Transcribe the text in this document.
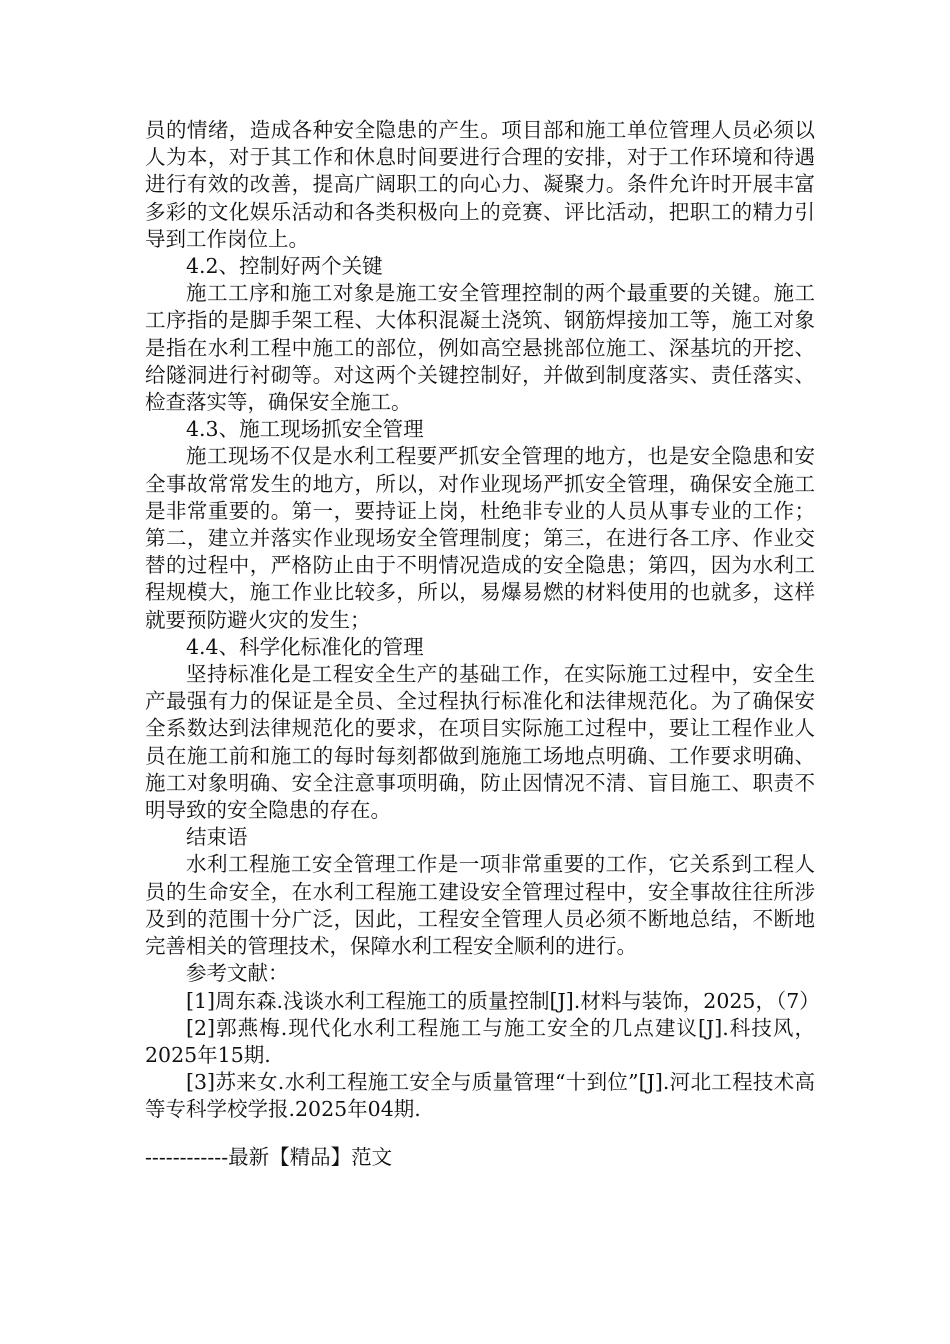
员的情绪，造成各种安全隐患的产生。项目部和施工单位管理人员必须以人为本，对于其工作和休息时间要进行合理的安排，对于工作环境和待遇进行有效的改善，提高广阔职工的向心力、凝聚力。条件允许时开展丰富多彩的文化娱乐活动和各类积极向上的竞赛、评比活动，把职工的精力引导到工作岗位上。

4.2、控制好两个关键

施工工序和施工对象是施工安全管理控制的两个最重要的关键。施工工序指的是脚手架工程、大体积混凝土浇筑、钢筋焊接加工等，施工对象是指在水利工程中施工的部位，例如高空悬挑部位施工、深基坑的开挖、给隧洞进行衬砌等。对这两个关键控制好，并做到制度落实、责任落实、检查落实等，确保安全施工。

4.3、施工现场抓安全管理

施工现场不仅是水利工程要严抓安全管理的地方，也是安全隐患和安全事故常常发生的地方，所以，对作业现场严抓安全管理，确保安全施工是非常重要的。第一，要持证上岗，杜绝非专业的人员从事专业的工作；第二，建立并落实作业现场安全管理制度；第三，在进行各工序、作业交替的过程中，严格防止由于不明情况造成的安全隐患；第四，因为水利工程规模大，施工作业比较多，所以，易爆易燃的材料使用的也就多，这样就要预防避火灾的发生；

4.4、科学化标准化的管理

坚持标准化是工程安全生产的基础工作，在实际施工过程中，安全生产最强有力的保证是全员、全过程执行标准化和法律规范化。为了确保安全系数达到法律规范化的要求，在项目实际施工过程中，要让工程作业人员在施工前和施工的每时每刻都做到施施工场地点明确、工作要求明确、施工对象明确、安全注意事项明确，防止因情况不清、盲目施工、职责不明导致的安全隐患的存在。

结束语

水利工程施工安全管理工作是一项非常重要的工作，它关系到工程人员的生命安全，在水利工程施工建设安全管理过程中，安全事故往往所涉及到的范围十分广泛，因此，工程安全管理人员必须不断地总结，不断地完善相关的管理技术，保障水利工程安全顺利的进行。

参考文献：

[1]周东森.浅谈水利工程施工的质量控制[J].材料与装饰，2025，（7）

[2]郭燕梅.现代化水利工程施工与施工安全的几点建议[J].科技风，2025年15期.

[3]苏来女.水利工程施工安全与质量管理“十到位”[J].河北工程技术高等专科学校学报.2025年04期.

------------最新【精品】范文
